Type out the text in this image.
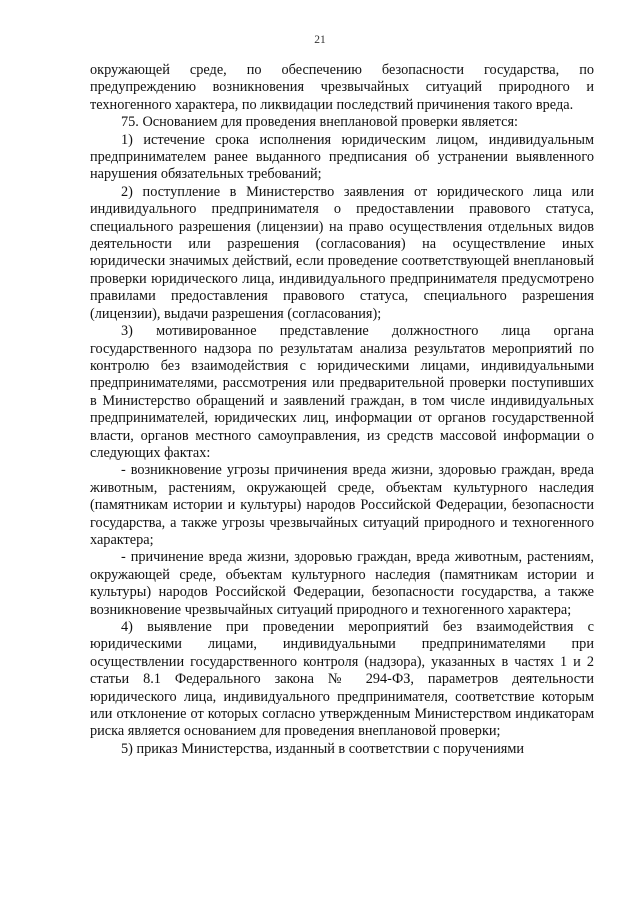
21

окружающей среде, по обеспечению безопасности государства, по предупреждению возникновения чрезвычайных ситуаций природного и техногенного характера, по ликвидации последствий причинения такого вреда.

75. Основанием для проведения внеплановой проверки является:

1) истечение срока исполнения юридическим лицом, индивидуальным предпринимателем ранее выданного предписания об устранении выявленного нарушения обязательных требований;

2) поступление в Министерство заявления от юридического лица или индивидуального предпринимателя о предоставлении правового статуса, специального разрешения (лицензии) на право осуществления отдельных видов деятельности или разрешения (согласования) на осуществление иных юридически значимых действий, если проведение соответствующей внеплановый проверки юридического лица, индивидуального предпринимателя предусмотрено правилами предоставления правового статуса, специального разрешения (лицензии), выдачи разрешения (согласования);

3) мотивированное представление должностного лица органа государственного надзора по результатам анализа результатов мероприятий по контролю без взаимодействия с юридическими лицами, индивидуальными предпринимателями, рассмотрения или предварительной проверки поступивших в Министерство обращений и заявлений граждан, в том числе индивидуальных предпринимателей, юридических лиц, информации от органов государственной власти, органов местного самоуправления, из средств массовой информации о следующих фактах:

- возникновение угрозы причинения вреда жизни, здоровью граждан, вреда животным, растениям, окружающей среде, объектам культурного наследия (памятникам истории и культуры) народов Российской Федерации, безопасности государства, а также угрозы чрезвычайных ситуаций природного и техногенного характера;

- причинение вреда жизни, здоровью граждан, вреда животным, растениям, окружающей среде, объектам культурного наследия (памятникам истории и культуры) народов Российской Федерации, безопасности государства, а также возникновение чрезвычайных ситуаций природного и техногенного характера;

4) выявление при проведении мероприятий без взаимодействия с юридическими лицами, индивидуальными предпринимателями при осуществлении государственного контроля (надзора), указанных в частях 1 и 2 статьи 8.1 Федерального закона № 294-ФЗ, параметров деятельности юридического лица, индивидуального предпринимателя, соответствие которым или отклонение от которых согласно утвержденным Министерством индикаторам риска является основанием для проведения внеплановой проверки;

5) приказ Министерства, изданный в соответствии с поручениями
